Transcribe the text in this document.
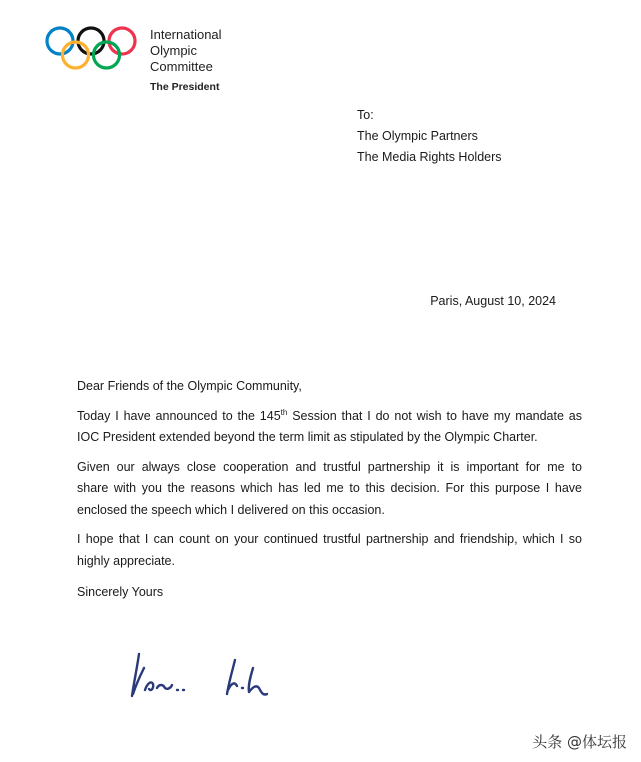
International
Olympic
Committee
The President
To:
The Olympic Partners
The Media Rights Holders
Paris, August 10, 2024
Dear Friends of the Olympic Community,
Today I have announced to the 145th Session that I do not wish to have my mandate as
IOC President extended beyond the term limit as stipulated by the Olympic Charter.
Given our always close cooperation and trustful partnership it is important for me to
share with you the reasons which has led me to this decision. For this purpose I have
enclosed the speech which I delivered on this occasion.
I hope that I can count on your continued trustful partnership and friendship, which I so
highly appreciate.
Sincerely Yours
头条 @体坛报
